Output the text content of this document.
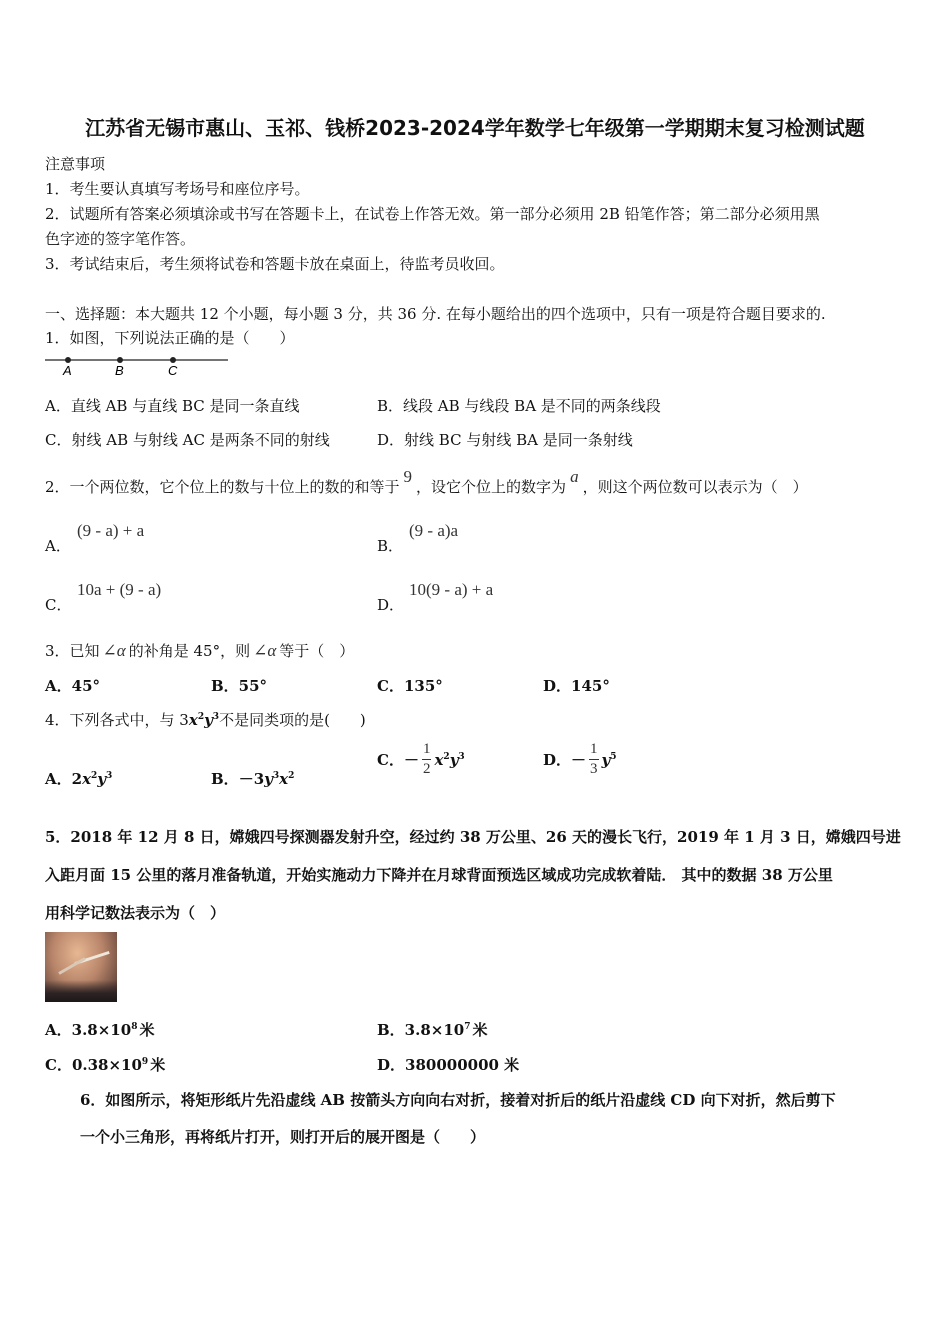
江苏省无锡市惠山、玉祁、钱桥2023-2024学年数学七年级第一学期期末复习检测试题
注意事项
1．考生要认真填写考场号和座位序号。
2．试题所有答案必须填涂或书写在答题卡上，在试卷上作答无效。第一部分必须用 2B 铅笔作答；第二部分必须用黑
色字迹的签字笔作答。
3．考试结束后，考生须将试卷和答题卡放在桌面上，待监考员收回。
一、选择题：本大题共 12 个小题，每小题 3 分，共 36 分. 在每小题给出的四个选项中，只有一项是符合题目要求的.
1．如图，下列说法正确的是（　　）
A	B	C
A．直线 AB 与直线 BC 是同一条直线	B．线段 AB 与线段 BA 是不同的两条线段
C．射线 AB 与射线 AC 是两条不同的射线	D．射线 BC 与射线 BA 是同一条射线
2．一个两位数，它个位上的数与十位上的数的和等于9，设它个位上的数字为a，则这个两位数可以表示为（　）
A．
(9 - a) + a
B．
(9 - a)a
C．
10a + (9 - a)
D．
10(9 - a) + a
3．已知 ∠α 的补角是 45°，则 ∠α 等于（　）
A．45°	B．55°	C．135°	D．145°
4．下列各式中，与 $3x^2y^3$不是同类项的是(　　)
A．$2x^2y^3$	B．$-3y^3x^2$
C．－ $\frac{1}{2} x^2y^3$	D．－ $\frac{1}{3} y^5$
5．2018 年 12 月 8 日，嫦娥四号探测器发射升空，经过约 38 万公里、26 天的漫长飞行，2019 年 1 月 3 日，嫦娥四号进
入距月面 15 公里的落月准备轨道，开始实施动力下降并在月球背面预选区域成功完成软着陆． 其中的数据 38 万公里
用科学记数法表示为（　）
A．$3.8\times 10^8$ 米	B．$3.8\times 10^7$ 米
C．$0.38\times 10^9$ 米	D．380000000 米
6．如图所示，将矩形纸片先沿虚线 AB 按箭头方向向右对折，接着对折后的纸片沿虚线 CD 向下对折，然后剪下
一个小三角形，再将纸片打开，则打开后的展开图是（　　）
